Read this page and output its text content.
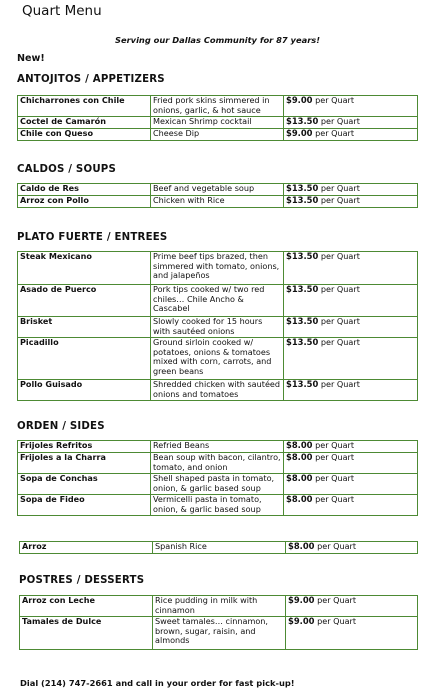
Quart Menu
Serving our Dallas Community for 87 years!
New!
ANTOJITOS / APPETIZERS
Chicharrones con Chile	Fried pork skins simmered in onions, garlic, & hot sauce	$9.00 per Quart
Coctel de Camarón	Mexican Shrimp cocktail	$13.50 per Quart
Chile con Queso	Cheese Dip	$9.00 per Quart
CALDOS / SOUPS
Caldo de Res	Beef and vegetable soup	$13.50 per Quart
Arroz con Pollo	Chicken with Rice	$13.50 per Quart
PLATO FUERTE / ENTREES
Steak Mexicano	Prime beef tips brazed, then simmered with tomato, onions, and jalapeños	$13.50 per Quart
Asado de Puerco	Pork tips cooked w/ two red chiles… Chile Ancho & Cascabel	$13.50 per Quart
Brisket	Slowly cooked for 15 hours with sautéed onions	$13.50 per Quart
Picadillo	Ground sirloin cooked w/ potatoes, onions & tomatoes mixed with corn, carrots, and green beans	$13.50 per Quart
Pollo Guisado	Shredded chicken with sautéed onions and tomatoes	$13.50 per Quart
ORDEN / SIDES
Frijoles Refritos	Refried Beans	$8.00 per Quart
Frijoles a la Charra	Bean soup with bacon, cilantro, tomato, and onion	$8.00 per Quart
Sopa de Conchas	Shell shaped pasta in tomato, onion, & garlic based soup	$8.00 per Quart
Sopa de Fideo	Vermicelli pasta in tomato, onion, & garlic based soup	$8.00 per Quart
Arroz	Spanish Rice	$8.00 per Quart
POSTRES / DESSERTS
Arroz con Leche	Rice pudding in milk with cinnamon	$9.00 per Quart
Tamales de Dulce	Sweet tamales… cinnamon, brown, sugar, raisin, and almonds	$9.00 per Quart
Dial (214) 747-2661 and call in your order for fast pick-up!
